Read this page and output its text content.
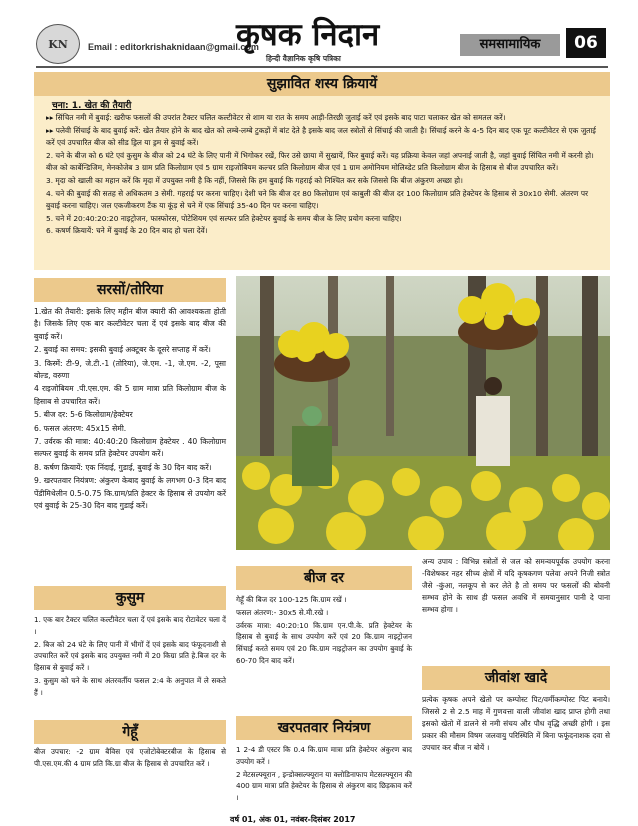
KN Email : editorkrishaknidaan@gmail.com
कृषक निदान
हिन्दी वैज्ञानिक कृषि पत्रिका
समसामायिक	06
सुझावित शस्य क्रियायें
चना: 1. खेत की तैयारी
▸▸ सिंचित नमी में बुवाई: खरीफ फसलों की उपरांत टैक्टर चलित कल्टीवेटर से शाम या रात के समय आड़ी-तिरछी जुताई करें एवं इसके बाद पाटा चलाकर खेत को समतल करें।
▸▸ पलेवी सिंचाई के बाद बुवाई करें: खेत तैयार होने के बाद खेत को लम्बे-लम्बे टुकड़ों में बांट देते है इसके बाद जल स्त्रोतों से सिंचाई की जाती है। सिंचाई करने के 4-5 दिन बाद एक पूट कल्टीवेटर से एक जुताई करें एवं उपचारित बीज को सीड ड्रिल या ड्रम से बुवाई करें।
2. चने के बीज को 6 घंटे एवं कुसुम के बीज को 24 घंटे के लिए पानी में भिगोकर रखें, फिर उसे छाया में सुखायें, फिर बुवाई करें। यह प्रक्रिया केवल जहां अपनाई जाती है, जहां बुवाई सिंचित नमी में करनी हो। बीज को कार्बेन्डिजिम, मेनकोजेब 3 ग्राम प्रति किलोग्राम एवं 5 ग्राम राइजोबियम कल्चर प्रति किलोग्राम बीज एवं 1 ग्राम अमोनियम मोलिब्डेट प्रति किलोग्राम बीज के हिसाब से बीज उपचारित करें।
3. मृदा को खाली का महान करें कि मृदा में उपयुक्त नमी है कि नहीं, जिससे कि हम बुवाई कि गहराई को निश्चित कर सके जिससे कि बीज अंकुरण अच्छा हो।
4. चने की बुवाई की सतह से अधिकतम 3 सेमी. गहराई पर करना चाहिए। देशी चने कि बीज दर 80 किलोग्राम एवं काबुली की बीज दर 100 किलोग्राम प्रति हेक्टेयर के हिसाब से 30x10 सेमी. अंतरण पर बुवाई करना चाहिए। जल एकजीकरण टैंक या कूंड़ से चने में एक सिंचाई 35-40 दिन पर करना चाहिए।
5. चने में 20:40:20:20 नाइट्रोजन, फास्फोरस, पोटेशियम एवं सल्फर प्रति हेक्टेयर बुवाई के समय बीज के लिए प्रयोग करना चाहिए।
6. कषर्ण क्रियायें: चने में बुवाई के 20 दिन बाद हो चला देवें।
सरसों/तोरिया

1.खेत की तैयारी: इसके लिए महीन बीज क्यारी की आवश्यकता होती है। जिसके लिए एक बार कल्टीवेटर चला दें एवं इसके बाद बीज की बुवाई करें।

2. बुवाई का समय: इसकी बुवाई अक्टूबर के दूसरे सप्ताह में करें।

3. किस्में: टी-9, जे.टी.-1 (तोरिया), जे.एम. -1, जे.एम. -2, पूसा बोल्ड, वरुणा

4 राइजोबियम .पी.एस.एम. की 5 ग्राम मात्रा प्रति किलोग्राम बीज के हिसाब से उपचारित करें।

5. बीज दर: 5-6 किलोग्राम/हेक्टेयर

6. फसल अंतरण: 45x15 सेमी.

7. उर्वरक की मात्रा: 40:40:20 किलोग्राम हेक्टेयर . 40 किलोग्राम सल्फर बुवाई के समय प्रति हेक्टेयर उपयोग करें।

8. कर्षण क्रियायें: एक निंदाई, गुडाई, बुवाई के 30 दिन बाद करें।

9. खरपतवार नियंत्रण: अंकुरण केबाद बुवाई के लगभग 0-3 दिन बाद पेंडीमिथेलीन 0.5-0.75 कि.ग्राम/प्रति हेक्टर के हिसाब से उपयोग करें एवं बुवाई के 25-30 दिन बाद गुडाई करें।

कुसुम

1. एक बार टैक्टर चलित कल्टीवेटर चला दें एवं इसके बाद रोटावेटर चला दें ।

2. बिज को 24 घंटे के लिए पानी में भीगों दें एवं इसके बाद फंफूदनाशी से उपचारित करें एवं इसके बाद उपयुक्त नमी में 20 किग्रा प्रति हे.बिज दर के हिसाब से बुवाई करें ।

3. कुसुम को चने के साथ अंतरवर्तीय फसल 2:4 के अनुपात में ले सकते हैं ।

गेहूँ

बीज उपचार: -2 ग्राम बैविस एवं एजोटोबेक्टरबीज के हिसाब से पी.एस.एम.की 4 ग्राम प्रति कि.ग्रा बीज के हिसाब से उपचारित करें ।

बीज दर

गेहूँ की बिज दर 100-125 कि.ग्राम रखें ।

फसल अंतरण:- 30x5 से.मी.रखे ।

उर्वरक मात्रा: 40:20:10 कि.ग्राम एन.पी.के. प्रति हेक्टेयर के हिसाब से बुवाई के साथ उपयोग करें एवं 20 कि.ग्राम नाइट्रोजन सिंचाई करते समय एवं 20 कि.ग्राम नाइट्रोजन का उपयोग बुवाई के 60-70 दिन बाद करें।

खरपतवार नियंत्रण

1 2-4 डी एस्टर कि 0.4 कि.ग्राम मात्रा प्रति हेक्टेयर अंकुरण बाद उपयोग करें ।

2 मेटसल्फ्यूरान , इन्डोक्सल्फ्यूरान या क्लोडिनाफाप मेटसल्फ्यूरान की 400 ग्राम मात्रा प्रति हेक्टेयर के हिसाब से अंकुरण बाद छिड़काव करें ।

अन्य उपाय : विभिन्न स्त्रोतों से जल को समन्वयपूर्वक उपयोग करना -विशेषकर नहर सीच्य क्षेत्रों में यदि कृषकगण पलेवा अपने निजी स्त्रोत जैसे -कुंआ, नलकूप से कर लेते है तो समय पर फसलों की बोवनी सम्भव होने के साथ ही फसल अवधि में समयानुसार पानी दे पाना सम्भव होगा ।

जीवांश खादे

प्रत्येक कृषक अपने खेतो पर कम्पोस्ट पिट/वर्मीकम्पोस्ट पिट बनाये।जिससे 2 से 2.5 माह में गुणवत्ता वाली जीवांश खाद प्राप्त होगी तथा इसको खेतो में डालने से नमी संचय और पौध वृद्धि अच्छी होगी । इस प्रकार की मौसम विषम जलवायु परिस्थिति में बिना फफूंदनाशक दवा से उपचार कर बीज न बोयें ।

वर्ष 01, अंक 01, नवंबर-दिसंबर 2017
